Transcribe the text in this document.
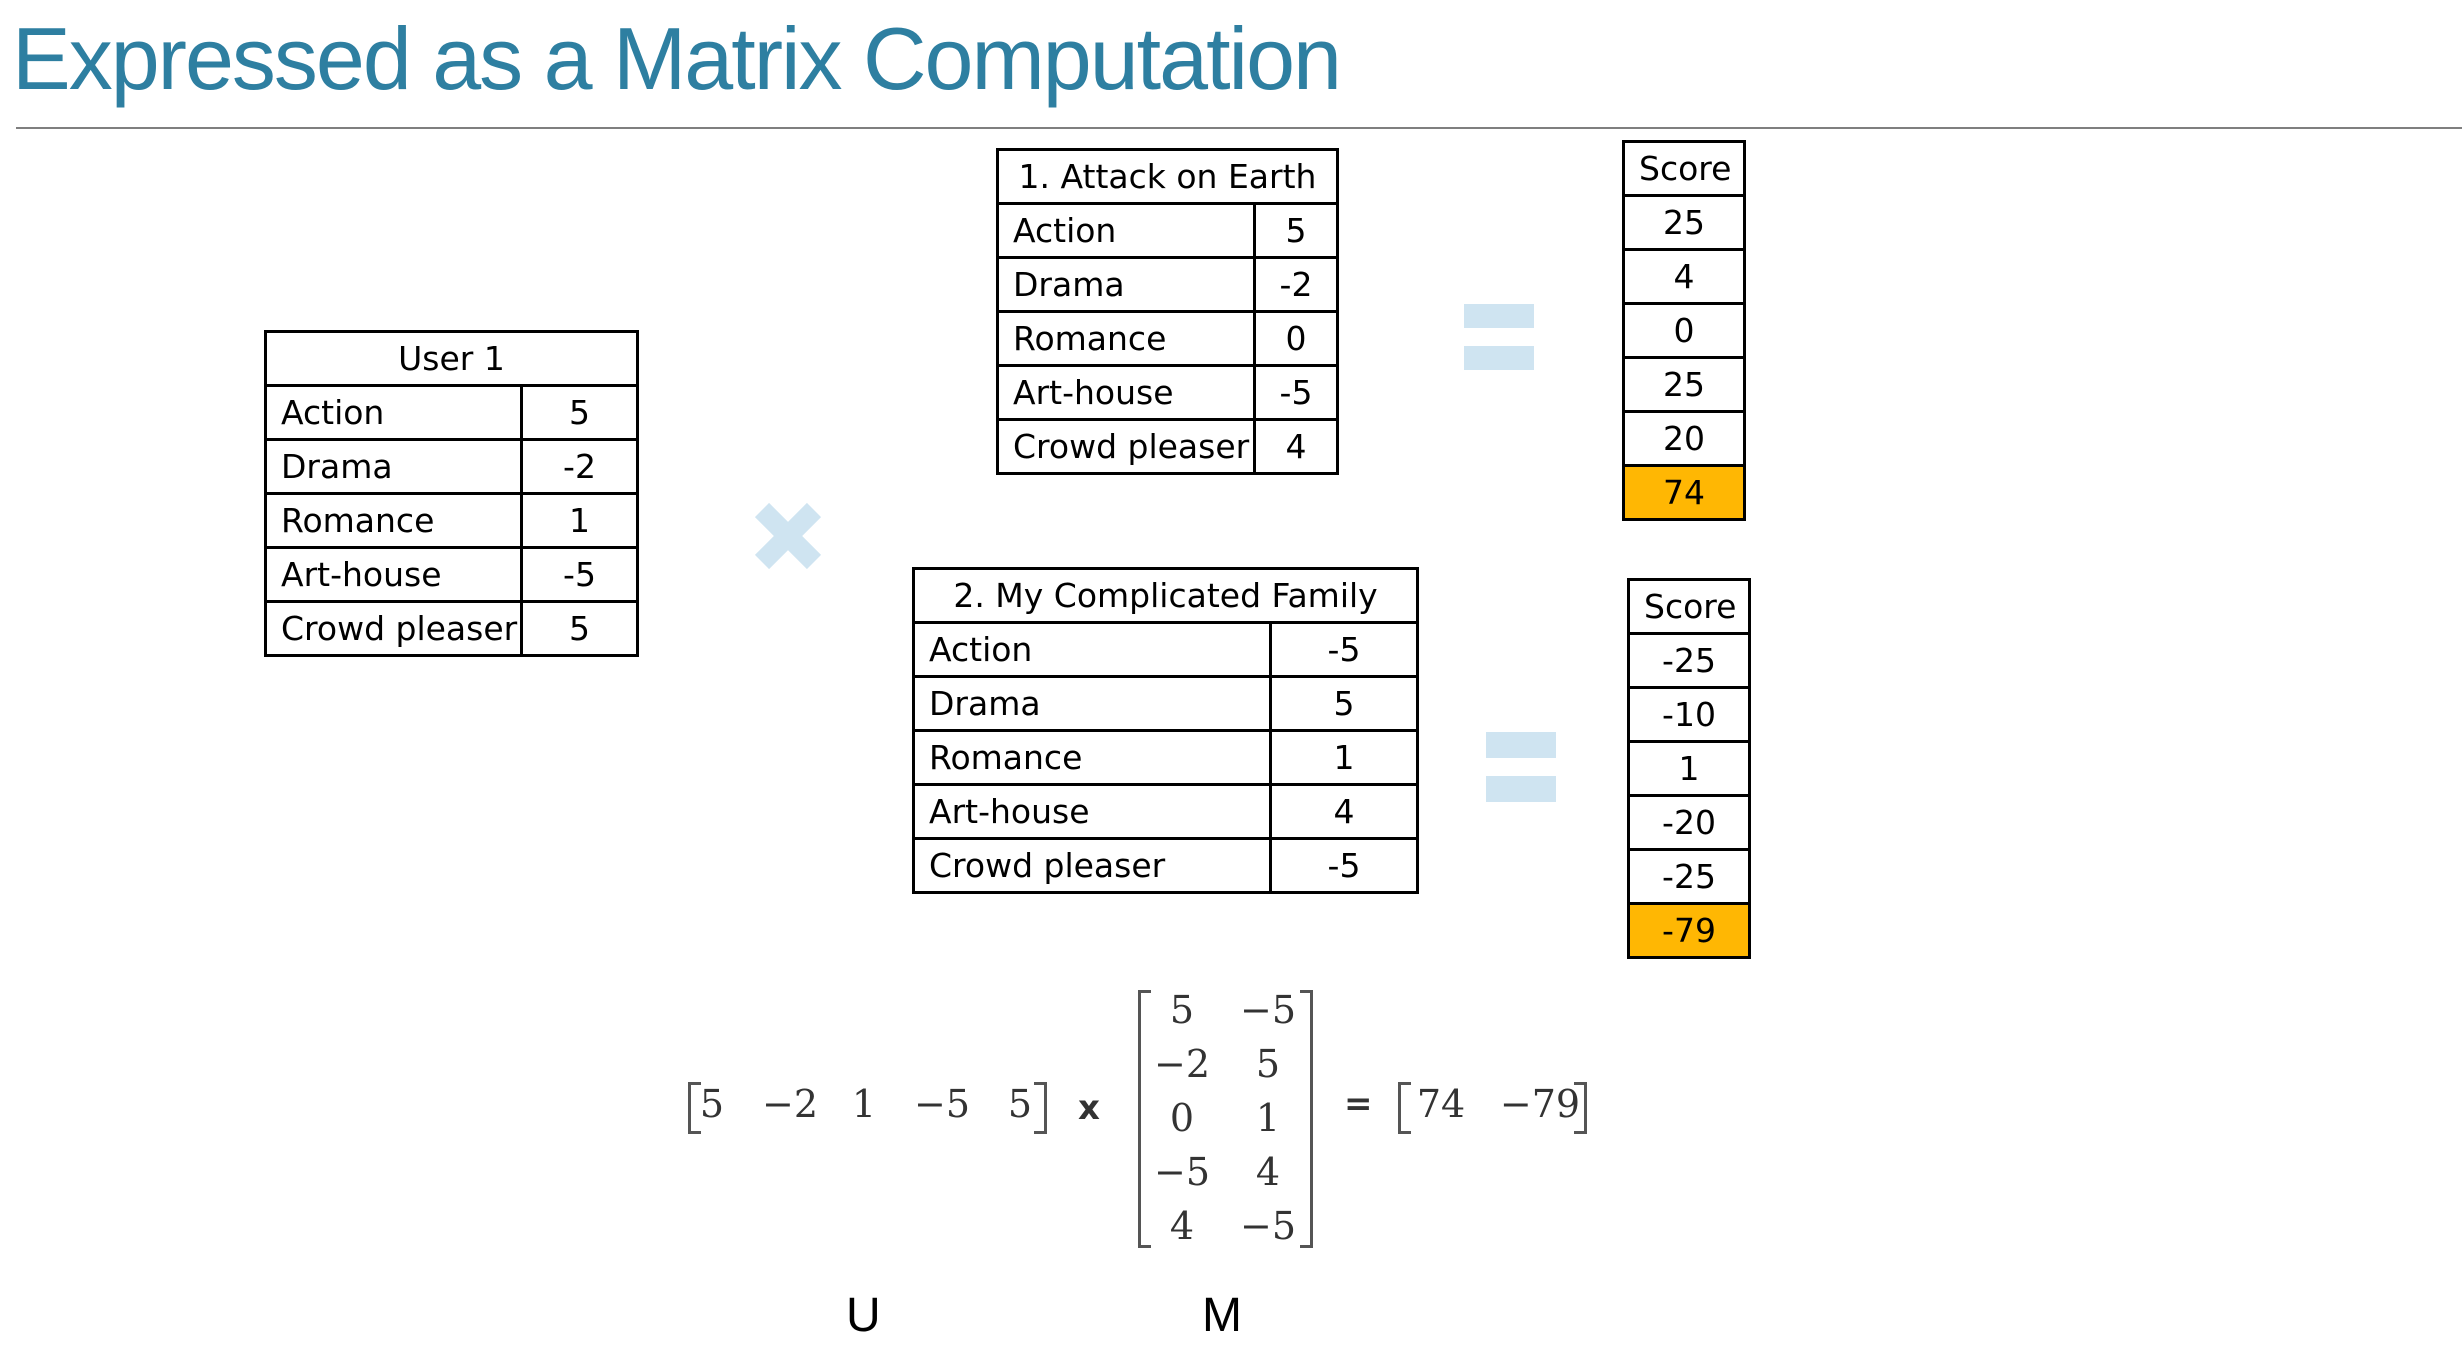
Expressed as a Matrix Computation
User 1	
Action	5
Drama	-2
Romance	1
Art-house	-5
Crowd pleaser	5
1. Attack on Earth	
Action	5
Drama	-2
Romance	0
Art-house	-5
Crowd pleaser	4
2. My Complicated Family	
Action	-5
Drama	5
Romance	1
Art-house	4
Crowd pleaser	-5
Score
25
4
0
25
20
74
Score
-25
-10
1
-20
-25
-79
5 −2 1 −5 5	x
5	−5
−2	5
0	1
−5	4
4	−5
=	74 −79
U	M
